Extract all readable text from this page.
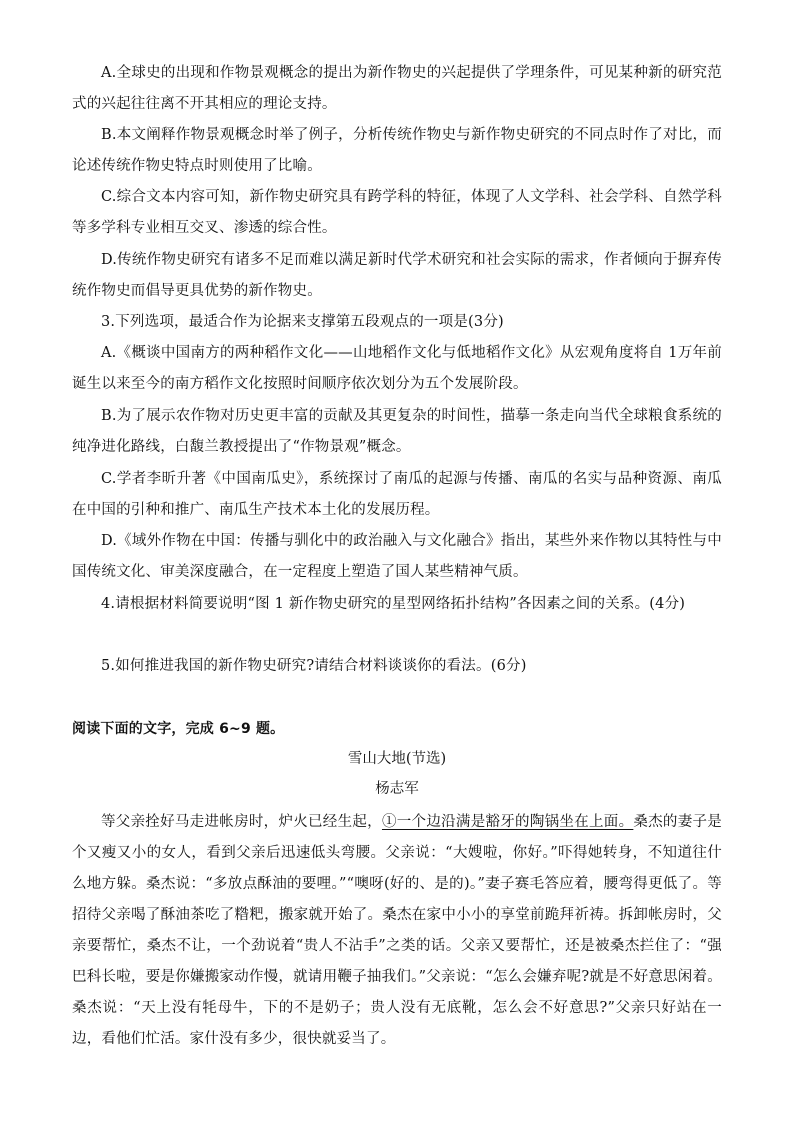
A.全球史的出现和作物景观概念的提出为新作物史的兴起提供了学理条件，可见某种新的研究范式的兴起往往离不开其相应的理论支持。

B.本文阐释作物景观概念时举了例子，分析传统作物史与新作物史研究的不同点时作了对比，而论述传统作物史特点时则使用了比喻。

C.综合文本内容可知，新作物史研究具有跨学科的特征，体现了人文学科、社会学科、自然学科等多学科专业相互交叉、渗透的综合性。

D.传统作物史研究有诸多不足而难以满足新时代学术研究和社会实际的需求，作者倾向于摒弃传统作物史而倡导更具优势的新作物史。

3.下列选项，最适合作为论据来支撑第五段观点的一项是(3分)

A.《概谈中国南方的两种稻作文化——山地稻作文化与低地稻作文化》从宏观角度将自 1万年前诞生以来至今的南方稻作文化按照时间顺序依次划分为五个发展阶段。

B.为了展示农作物对历史更丰富的贡献及其更复杂的时间性，描摹一条走向当代全球粮食系统的纯净进化路线，白馥兰教授提出了“作物景观”概念。

C.学者李昕升著《中国南瓜史》，系统探讨了南瓜的起源与传播、南瓜的名实与品种资源、南瓜在中国的引种和推广、南瓜生产技术本土化的发展历程。

D.《域外作物在中国：传播与驯化中的政治融入与文化融合》指出，某些外来作物以其特性与中国传统文化、审美深度融合，在一定程度上塑造了国人某些精神气质。

4.请根据材料简要说明“图 1 新作物史研究的星型网络拓扑结构”各因素之间的关系。(4分)

5.如何推进我国的新作物史研究?请结合材料谈谈你的看法。(6分)

阅读下面的文字，完成 6~9 题。

雪山大地(节选)

杨志军

等父亲拴好马走进帐房时，炉火已经生起，①一个边沿满是豁牙的陶锅坐在上面。桑杰的妻子是个又瘦又小的女人，看到父亲后迅速低头弯腰。父亲说：“大嫂啦，你好。”吓得她转身，不知道往什么地方躲。桑杰说：“多放点酥油的要哩。”“噢呀(好的、是的)。”妻子赛毛答应着，腰弯得更低了。等招待父亲喝了酥油茶吃了糌粑，搬家就开始了。桑杰在家中小小的享堂前跪拜祈祷。拆卸帐房时，父亲要帮忙，桑杰不让，一个劲说着“贵人不沾手”之类的话。父亲又要帮忙，还是被桑杰拦住了：“强巴科长啦，要是你嫌搬家动作慢，就请用鞭子抽我们。”父亲说：“怎么会嫌弃呢?就是不好意思闲着。桑杰说：“天上没有牦母牛，下的不是奶子；贵人没有无底靴，怎么会不好意思?”父亲只好站在一边，看他们忙活。家什没有多少，很快就妥当了。
